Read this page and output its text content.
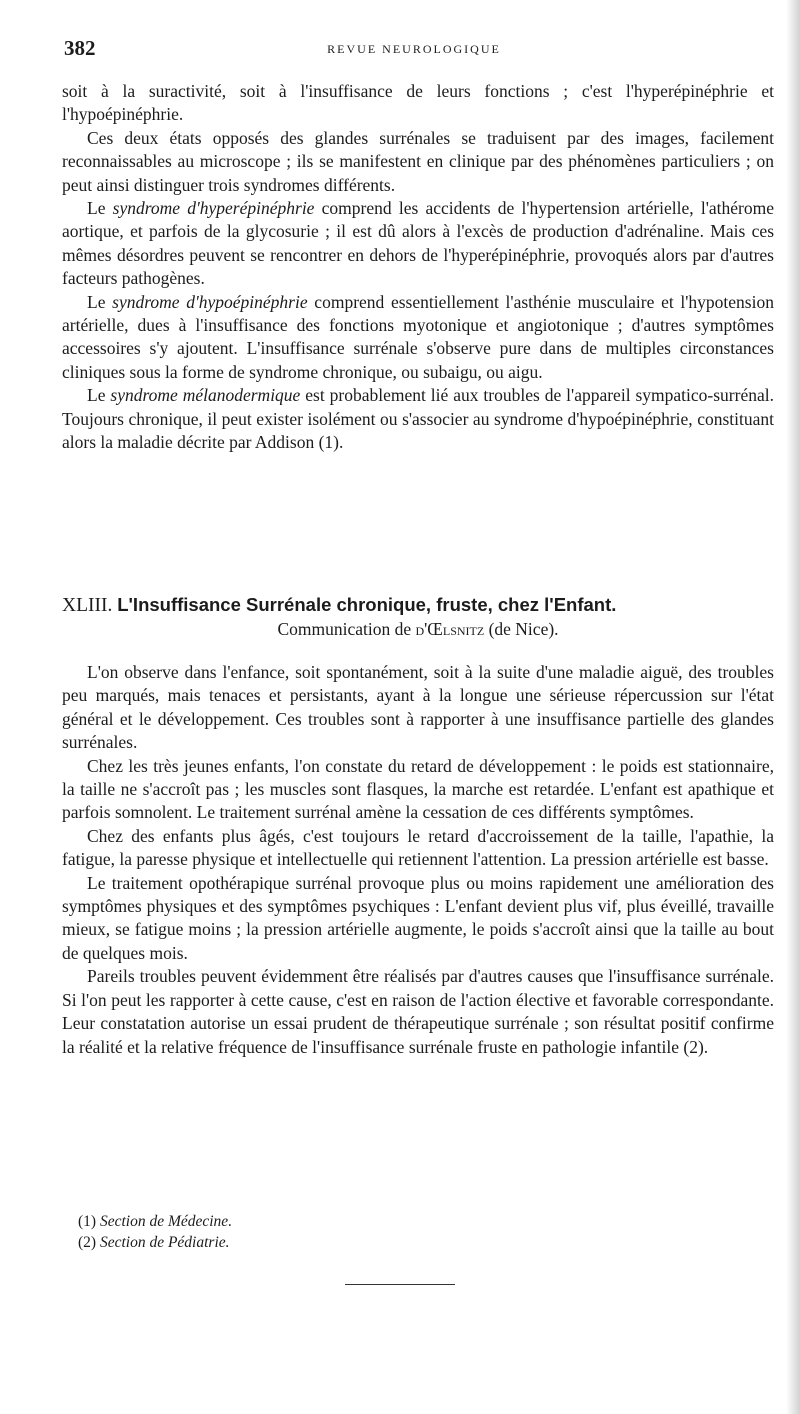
382	REVUE NEUROLOGIQUE

soit à la suractivité, soit à l'insuffisance de leurs fonctions ; c'est l'hyperépinéphrie et l'hypoépinéphrie.

Ces deux états opposés des glandes surrénales se traduisent par des images, facilement reconnaissables au microscope ; ils se manifestent en clinique par des phénomènes particuliers ; on peut ainsi distinguer trois syndromes différents.

Le syndrome d'hyperépinéphrie comprend les accidents de l'hypertension artérielle, l'athérome aortique, et parfois de la glycosurie ; il est dû alors à l'excès de production d'adrénaline. Mais ces mêmes désordres peuvent se rencontrer en dehors de l'hyperépinéphrie, provoqués alors par d'autres facteurs pathogènes.

Le syndrome d'hypoépinéphrie comprend essentiellement l'asthénie musculaire et l'hypotension artérielle, dues à l'insuffisance des fonctions myotonique et angiotonique ; d'autres symptômes accessoires s'y ajoutent. L'insuffisance surrénale s'observe pure dans de multiples circonstances cliniques sous la forme de syndrome chronique, ou subaigu, ou aigu.

Le syndrome mélanodermique est probablement lié aux troubles de l'appareil sympatico-surrénal. Toujours chronique, il peut exister isolément ou s'associer au syndrome d'hypoépinéphrie, constituant alors la maladie décrite par Addison (1).

XLIII. L'Insuffisance Surrénale chronique, fruste, chez l'Enfant.
Communication de d'Œlsnitz (de Nice).

L'on observe dans l'enfance, soit spontanément, soit à la suite d'une maladie aiguë, des troubles peu marqués, mais tenaces et persistants, ayant à la longue une sérieuse répercussion sur l'état général et le développement. Ces troubles sont à rapporter à une insuffisance partielle des glandes surrénales.

Chez les très jeunes enfants, l'on constate du retard de développement : le poids est stationnaire, la taille ne s'accroît pas ; les muscles sont flasques, la marche est retardée. L'enfant est apathique et parfois somnolent. Le traitement surrénal amène la cessation de ces différents symptômes.

Chez des enfants plus âgés, c'est toujours le retard d'accroissement de la taille, l'apathie, la fatigue, la paresse physique et intellectuelle qui retiennent l'attention. La pression artérielle est basse.

Le traitement opothérapique surrénal provoque plus ou moins rapidement une amélioration des symptômes physiques et des symptômes psychiques : L'enfant devient plus vif, plus éveillé, travaille mieux, se fatigue moins ; la pression artérielle augmente, le poids s'accroît ainsi que la taille au bout de quelques mois.

Pareils troubles peuvent évidemment être réalisés par d'autres causes que l'insuffisance surrénale. Si l'on peut les rapporter à cette cause, c'est en raison de l'action élective et favorable correspondante. Leur constatation autorise un essai prudent de thérapeutique surrénale ; son résultat positif confirme la réalité et la relative fréquence de l'insuffisance surrénale fruste en pathologie infantile (2).

(1) Section de Médecine.
(2) Section de Pédiatrie.
